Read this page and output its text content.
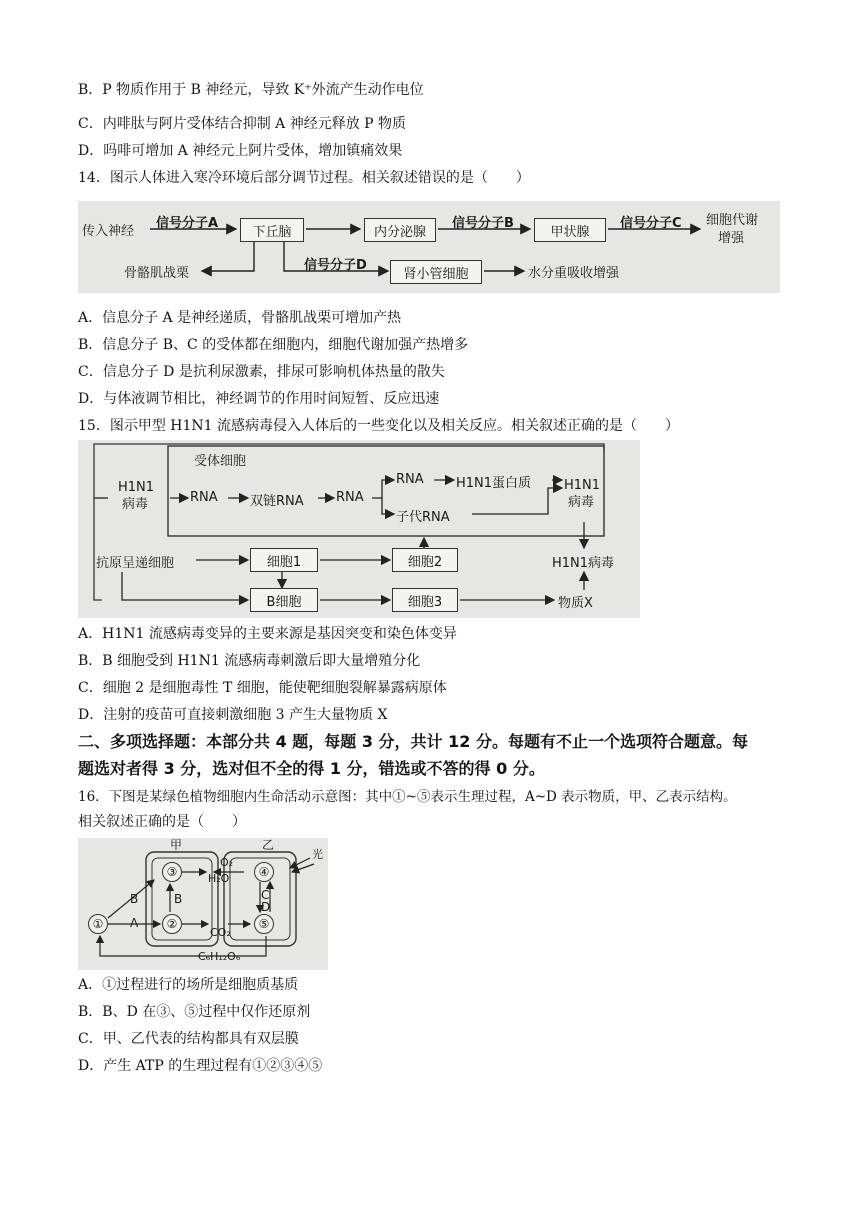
B．P 物质作用于 B 神经元，导致 K⁺外流产生动作电位
C．内啡肽与阿片受体结合抑制 A 神经元释放 P 物质
D．吗啡可增加 A 神经元上阿片受体，增加镇痛效果
14．图示人体进入寒冷环境后部分调节过程。相关叙述错误的是（　　）
传入神经
信号分子A
下丘脑	内分泌腺
信号分子B
甲状腺
信号分子C 细胞代谢
增强
骨骼肌战栗
信号分子D
肾小管细胞	水分重吸收增强
A．信息分子 A 是神经递质，骨骼肌战栗可增加产热
B．信息分子 B、C 的受体都在细胞内，细胞代谢加强产热增多
C．信息分子 D 是抗利尿激素，排尿可影响机体热量的散失
D．与体液调节相比，神经调节的作用时间短暂、反应迅速
15．图示甲型 H1N1 流感病毒侵入人体后的一些变化以及相关反应。相关叙述正确的是（　　）
受体细胞
H1N1
病毒	RNA 双链RNA RNA
RNA H1N1蛋白质
子代RNA
H1N1
病毒
抗原呈递细胞	细胞1	细胞2	H1N1病毒
B细胞	细胞3	物质X
A．H1N1 流感病毒变异的主要来源是基因突变和染色体变异
B．B 细胞受到 H1N1 流感病毒刺激后即大量增殖分化
C．细胞 2 是细胞毒性 T 细胞，能使靶细胞裂解暴露病原体
D．注射的疫苗可直接刺激细胞 3 产生大量物质 X
二、多项选择题：本部分共 4 题，每题 3 分，共计 12 分。每题有不止一个选项符合题意。每
题选对者得 3 分，选对但不全的得 1 分，错选或不答的得 0 分。
16．下图是某绿色植物细胞内生命活动示意图：其中①~⑤表示生理过程，A~D 表示物质，甲、乙表示结构。
相关叙述正确的是（　　）
甲	乙
光
①	②
③	④
⑤
A
B	B	C
D
O₂
H₂O
CO₂
C₆H₁₂O₆
A．①过程进行的场所是细胞质基质
B．B、D 在③、⑤过程中仅作还原剂
C．甲、乙代表的结构都具有双层膜
D．产生 ATP 的生理过程有①②③④⑤
